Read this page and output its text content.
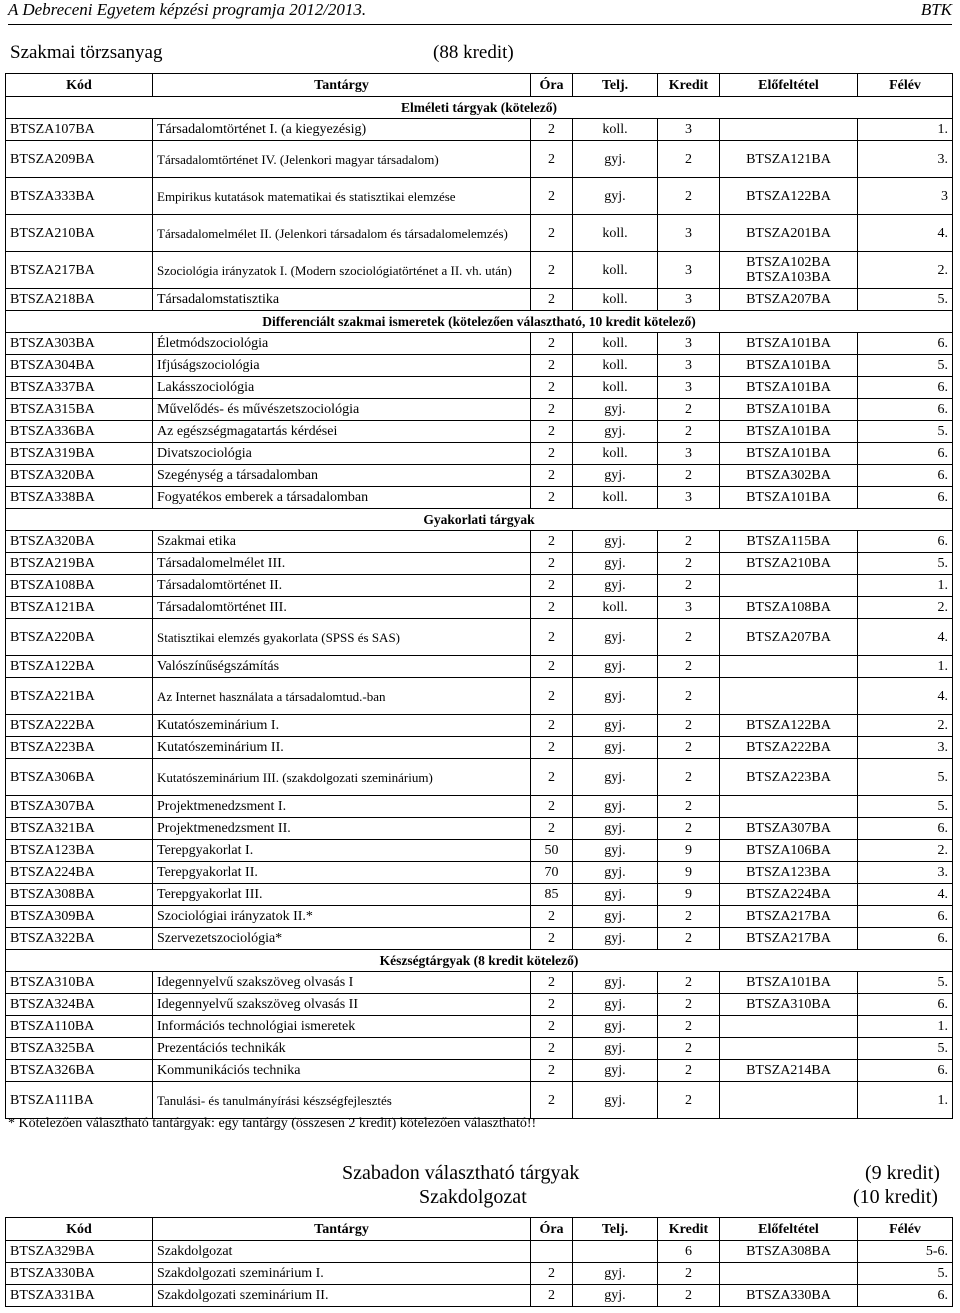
A Debreceni Egyetem képzési programja 2012/2013.	BTK
Szakmai törzsanyag	(88 kredit)
Kód	Tantárgy	Óra	Telj.	Kredit	Előfeltétel	Félév
Elméleti tárgyak (kötelező)						
BTSZA107BA	Társadalomtörténet I. (a kiegyezésig)	2	koll.	3		1.
BTSZA209BA	Társadalomtörténet IV. (Jelenkori magyar társadalom)	2	gyj.	2	BTSZA121BA	3.
BTSZA333BA	Empirikus kutatások matematikai és statisztikai elemzése	2	gyj.	2	BTSZA122BA	3
BTSZA210BA	Társadalomelmélet II. (Jelenkori társadalom és társadalomelemzés)	2	koll.	3	BTSZA201BA	4.
BTSZA217BA	Szociológia irányzatok I. (Modern szociológiatörténet a II. vh. után)	2	koll.	3	BTSZA102BA BTSZA103BA	2.
BTSZA218BA	Társadalomstatisztika	2	koll.	3	BTSZA207BA	5.
Differenciált szakmai ismeretek (kötelezően választható, 10 kredit kötelező)						
BTSZA303BA	Életmódszociológia	2	koll.	3	BTSZA101BA	6.
BTSZA304BA	Ifjúságszociológia	2	koll.	3	BTSZA101BA	5.
BTSZA337BA	Lakásszociológia	2	koll.	3	BTSZA101BA	6.
BTSZA315BA	Művelődés- és művészetszociológia	2	gyj.	2	BTSZA101BA	6.
BTSZA336BA	Az egészségmagatartás kérdései	2	gyj.	2	BTSZA101BA	5.
BTSZA319BA	Divatszociológia	2	koll.	3	BTSZA101BA	6.
BTSZA320BA	Szegénység a társadalomban	2	gyj.	2	BTSZA302BA	6.
BTSZA338BA	Fogyatékos emberek a társadalomban	2	koll.	3	BTSZA101BA	6.
Gyakorlati tárgyak						
BTSZA320BA	Szakmai etika	2	gyj.	2	BTSZA115BA	6.
BTSZA219BA	Társadalomelmélet III.	2	gyj.	2	BTSZA210BA	5.
BTSZA108BA	Társadalomtörténet II.	2	gyj.	2		1.
BTSZA121BA	Társadalomtörténet III.	2	koll.	3	BTSZA108BA	2.
BTSZA220BA	Statisztikai elemzés gyakorlata (SPSS és SAS)	2	gyj.	2	BTSZA207BA	4.
BTSZA122BA	Valószínűségszámítás	2	gyj.	2		1.
BTSZA221BA	Az Internet használata a társadalomtud.-ban	2	gyj.	2		4.
BTSZA222BA	Kutatószeminárium I.	2	gyj.	2	BTSZA122BA	2.
BTSZA223BA	Kutatószeminárium II.	2	gyj.	2	BTSZA222BA	3.
BTSZA306BA	Kutatószeminárium III. (szakdolgozati szeminárium)	2	gyj.	2	BTSZA223BA	5.
BTSZA307BA	Projektmenedzsment I.	2	gyj.	2		5.
BTSZA321BA	Projektmenedzsment II.	2	gyj.	2	BTSZA307BA	6.
BTSZA123BA	Terepgyakorlat I.	50	gyj.	9	BTSZA106BA	2.
BTSZA224BA	Terepgyakorlat II.	70	gyj.	9	BTSZA123BA	3.
BTSZA308BA	Terepgyakorlat III.	85	gyj.	9	BTSZA224BA	4.
BTSZA309BA	Szociológiai irányzatok II.*	2	gyj.	2	BTSZA217BA	6.
BTSZA322BA	Szervezetszociológia*	2	gyj.	2	BTSZA217BA	6.
Készségtárgyak (8 kredit kötelező)						
BTSZA310BA	Idegennyelvű szakszöveg olvasás I	2	gyj.	2	BTSZA101BA	5.
BTSZA324BA	Idegennyelvű szakszöveg olvasás II	2	gyj.	2	BTSZA310BA	6.
BTSZA110BA	Információs technológiai ismeretek	2	gyj.	2		1.
BTSZA325BA	Prezentációs technikák	2	gyj.	2		5.
BTSZA326BA	Kommunikációs technika	2	gyj.	2	BTSZA214BA	6.
BTSZA111BA	Tanulási- és tanulmányírási készségfejlesztés	2	gyj.	2		1.
* Kötelezően választható tantárgyak: egy tantárgy (összesen 2 kredit) kötelezően választható!!
Szabadon választható tárgyak	(9 kredit)
Szakdolgozat	(10 kredit)
Kód	Tantárgy	Óra	Telj.	Kredit	Előfeltétel	Félév
BTSZA329BA	Szakdolgozat			6	BTSZA308BA	5-6.
BTSZA330BA	Szakdolgozati szeminárium I.	2	gyj.	2		5.
BTSZA331BA	Szakdolgozati szeminárium II.	2	gyj.	2	BTSZA330BA	6.
